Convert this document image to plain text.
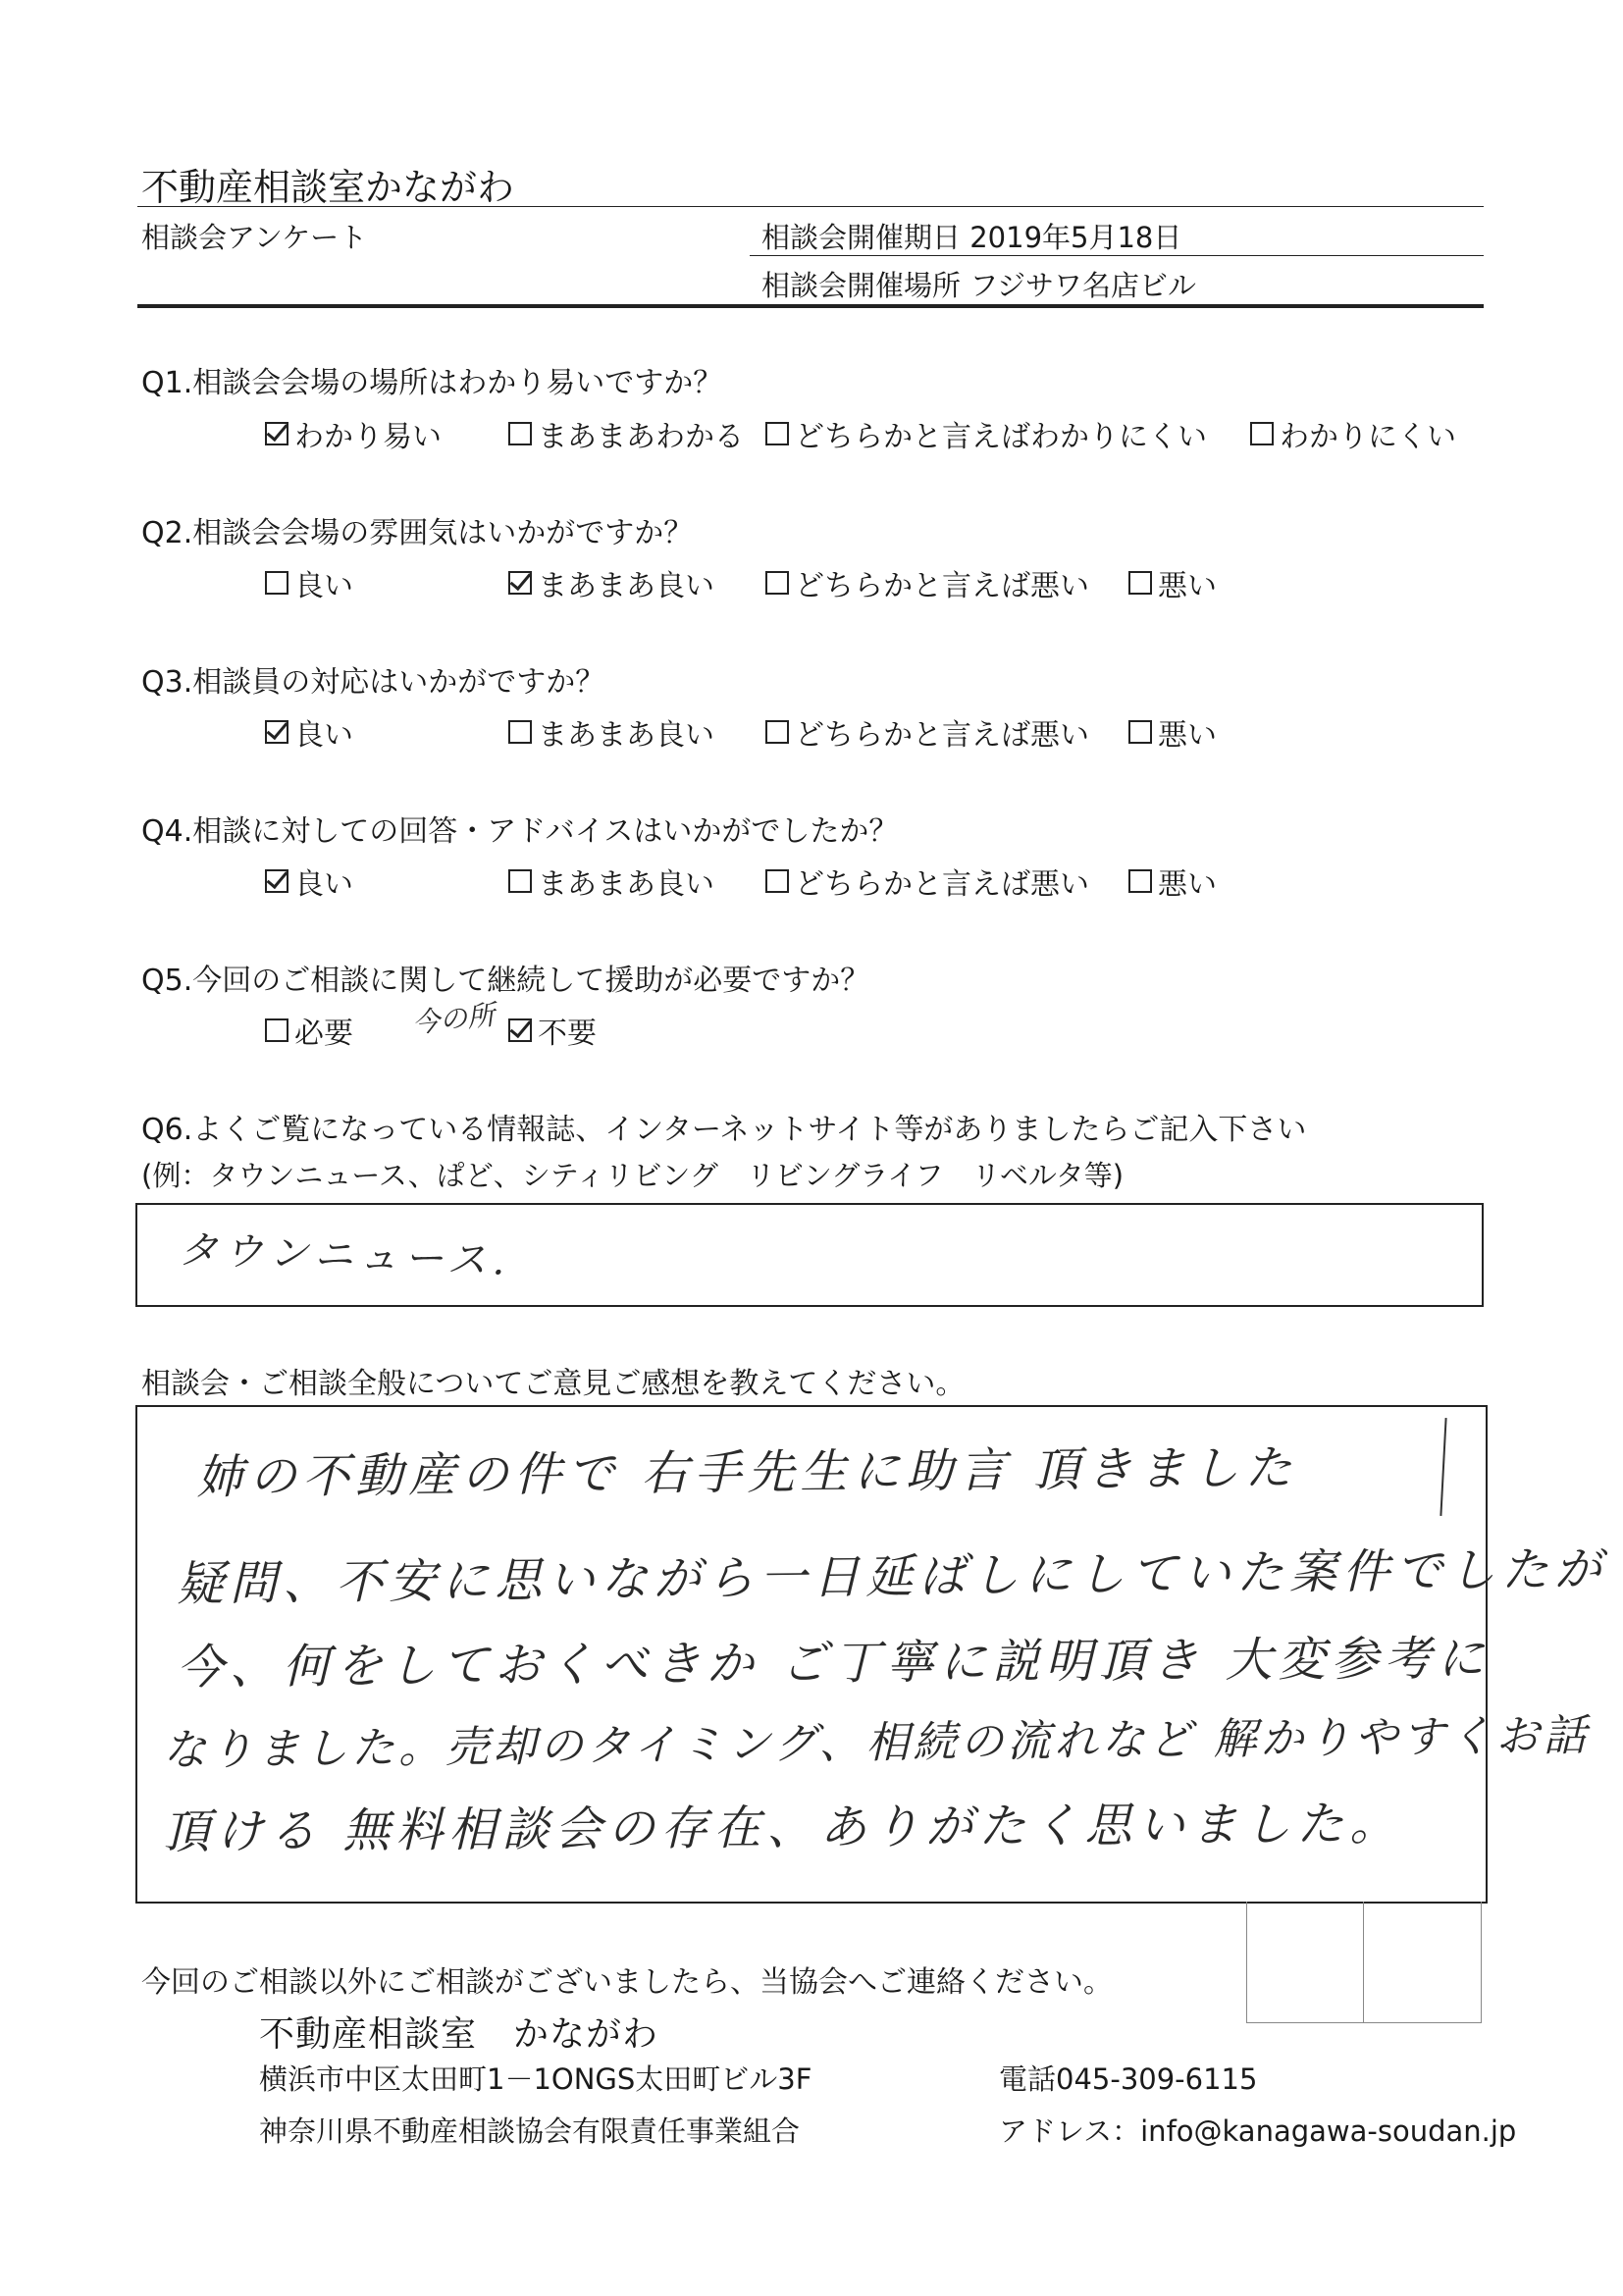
不動産相談室かながわ
相談会アンケート	相談会開催期日 2019年5月18日
相談会開催場所 フジサワ名店ビル
Q1.相談会会場の場所はわかり易いですか？
わかり易い	まあまあわかる どちらかと言えばわかりにくい わかりにくい
Q2.相談会会場の雰囲気はいかがですか？
良い	まあまあ良い	どちらかと言えば悪い 悪い
Q3.相談員の対応はいかがですか？
良い	まあまあ良い	どちらかと言えば悪い 悪い
Q4.相談に対しての回答・アドバイスはいかがでしたか？
良い	まあまあ良い	どちらかと言えば悪い 悪い
Q5.今回のご相談に関して継続して援助が必要ですか？
必要 今の所 不要
Q6.よくご覧になっている情報誌、インターネットサイト等がありましたらご記入下さい
(例：タウンニュース、ぱど、シティリビング　リビングライフ　リベルタ等)
タウンニュース.
相談会・ご相談全般についてご意見ご感想を教えてください。
姉の不動産の件で 右手先生に助言 頂きました
疑問、不安に思いながら一日延ばしにしていた案件でしたが
今、何をしておくべきか ご丁寧に説明頂き 大変参考に
なりました。売却のタイミング、相続の流れなど 解かりやすくお話
頂ける 無料相談会の存在、ありがたく思いました。
今回のご相談以外にご相談がございましたら、当協会へご連絡ください。
不動産相談室　かながわ
横浜市中区太田町1－1ONGS太田町ビル3F
神奈川県不動産相談協会有限責任事業組合
電話045-309-6115
アドレス：info@kanagawa-soudan.jp
